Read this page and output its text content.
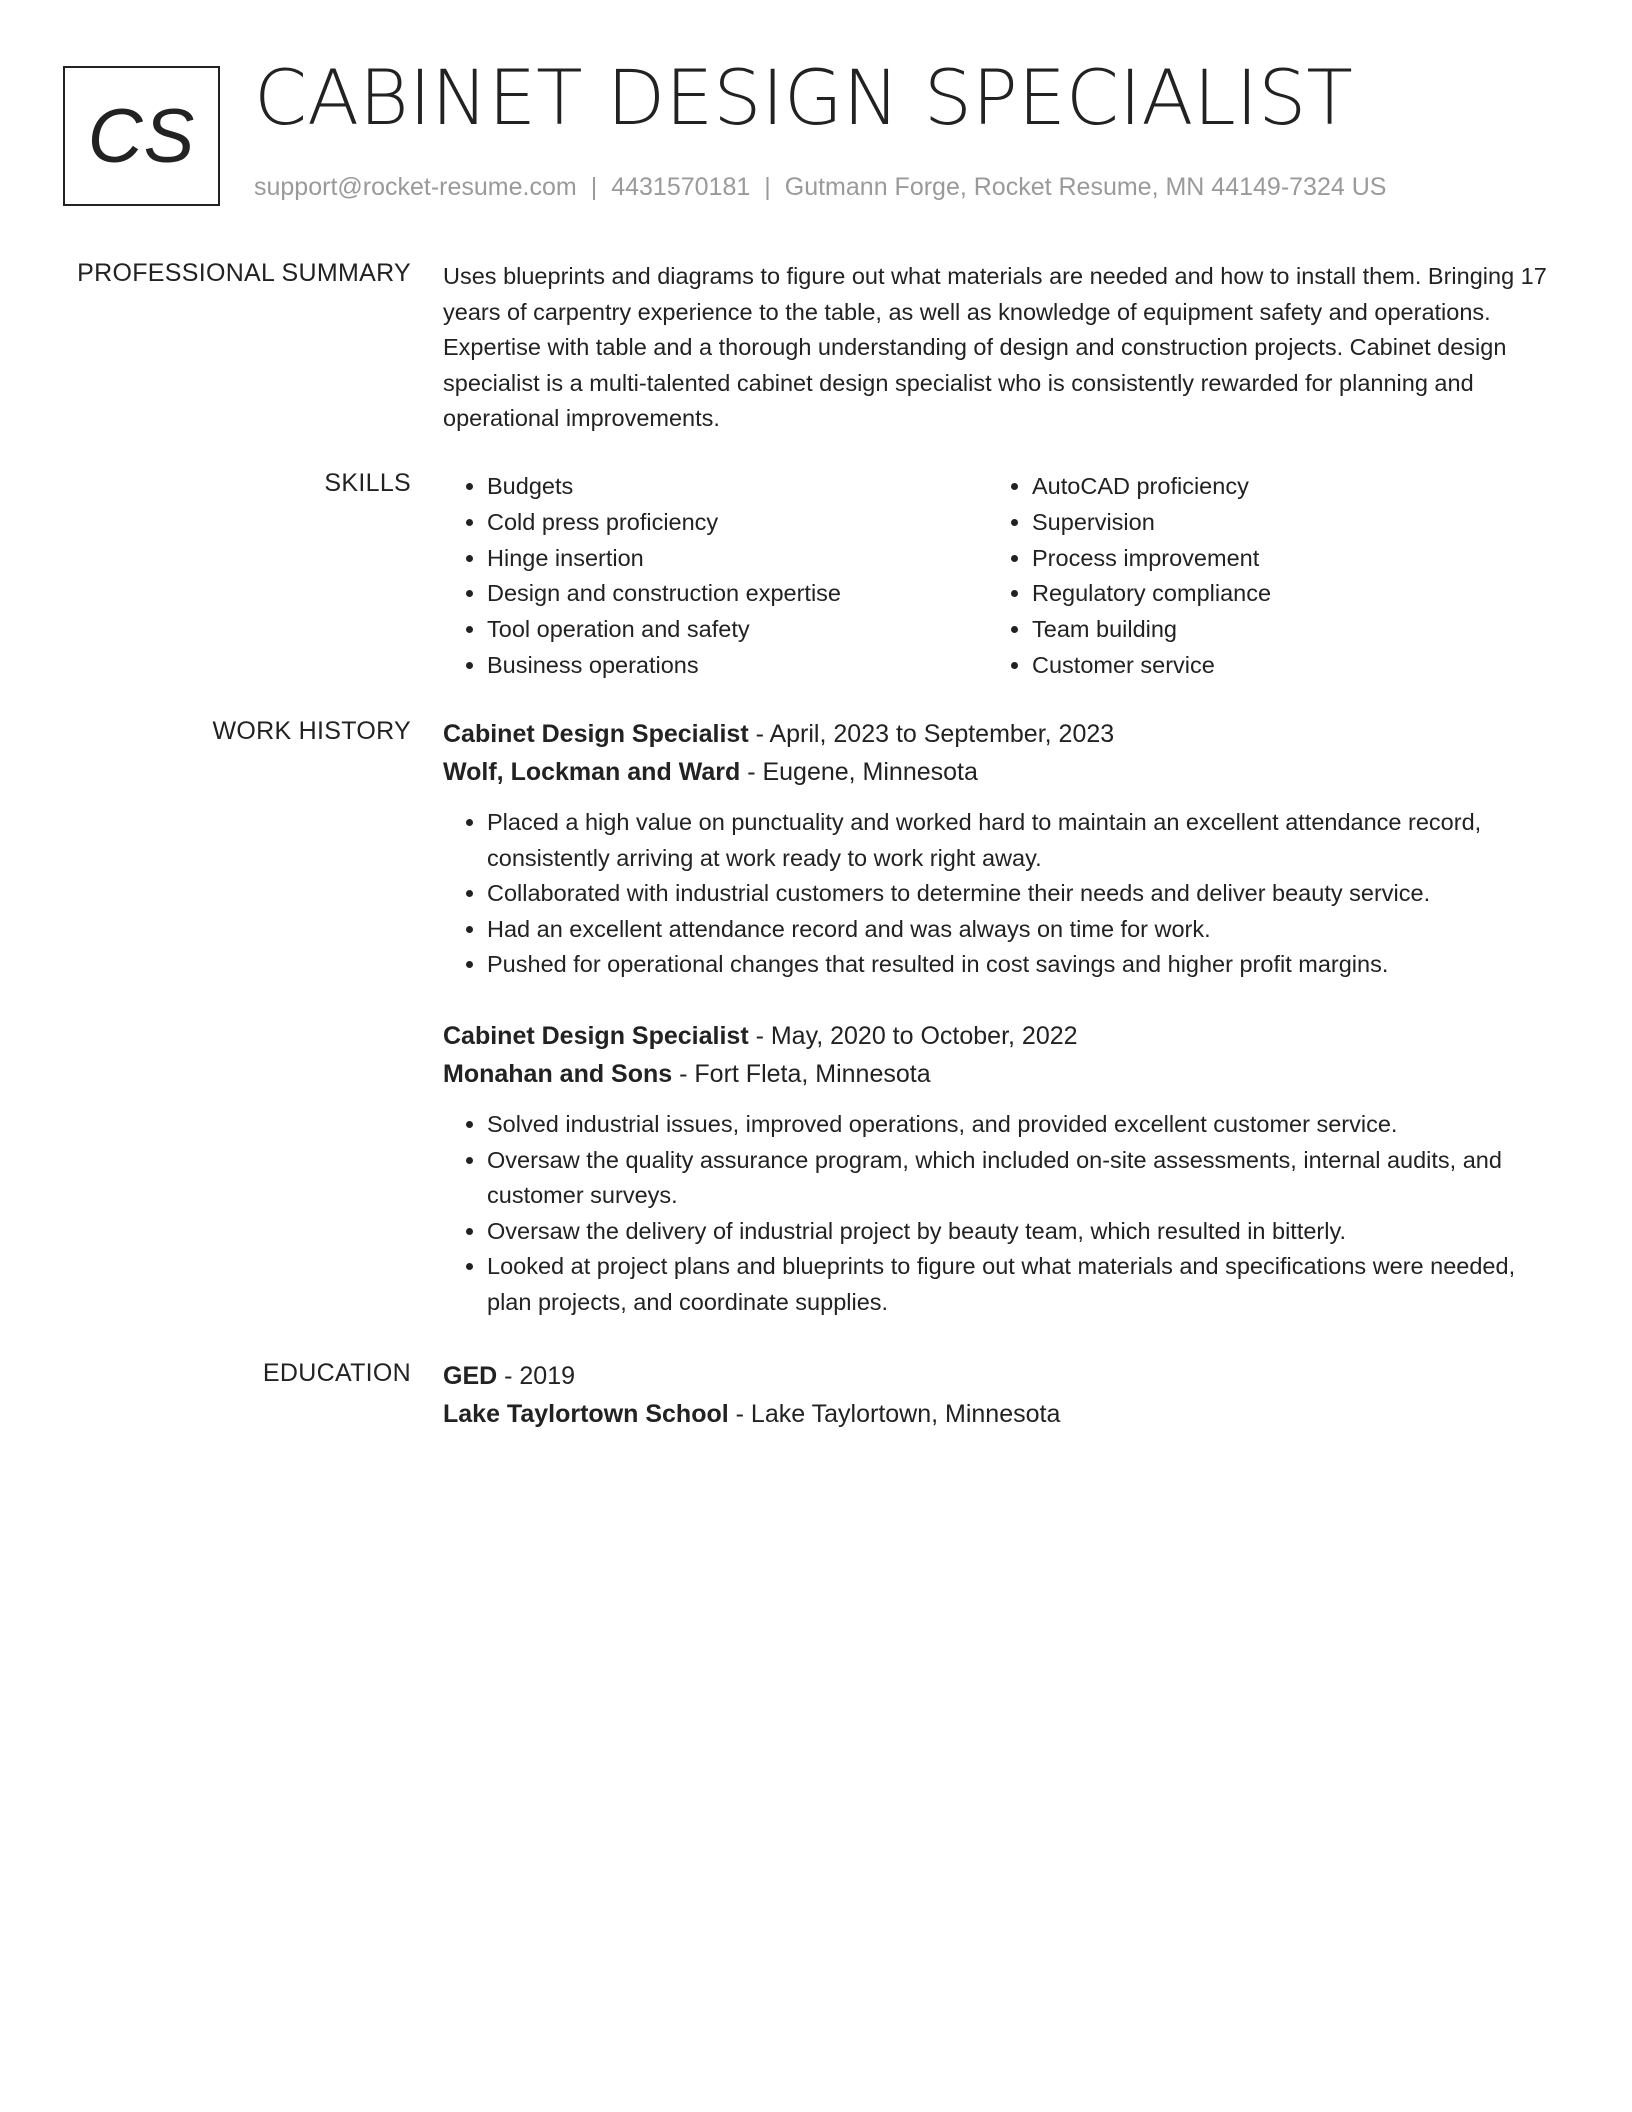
CS CABINET DESIGN SPECIALIST
support@rocket-resume.com | 4431570181 | Gutmann Forge, Rocket Resume, MN 44149-7324 US
PROFESSIONAL SUMMARY Uses blueprints and diagrams to figure out what materials are needed and how to install them. Bringing 17 years of carpentry experience to the table, as well as knowledge of equipment safety and operations. Expertise with table and a thorough understanding of design and construction projects. Cabinet design specialist is a multi-talented cabinet design specialist who is consistently rewarded for planning and operational improvements.

SKILLS
•	Budgets
• Cold press proficiency
• Hinge insertion
• Design and construction expertise
• Tool operation and safety
• Business operations
• AutoCAD proficiency
• Supervision
• Process improvement
• Regulatory compliance
• Team building
• Customer service
WORK HISTORY Cabinet Design Specialist - April, 2023 to September, 2023
Wolf, Lockman and Ward - Eugene, Minnesota
• Placed a high value on punctuality and worked hard to maintain an excellent attendance record, consistently arriving at work ready to work right away.
• Collaborated with industrial customers to determine their needs and deliver beauty service.
• Had an excellent attendance record and was always on time for work.
• Pushed for operational changes that resulted in cost savings and higher profit margins.
Cabinet Design Specialist - May, 2020 to October, 2022
Monahan and Sons - Fort Fleta, Minnesota
• Solved industrial issues, improved operations, and provided excellent customer service.
• Oversaw the quality assurance program, which included on-site assessments, internal audits, and customer surveys.
• Oversaw the delivery of industrial project by beauty team, which resulted in bitterly.
• Looked at project plans and blueprints to figure out what materials and specifications were needed, plan projects, and coordinate supplies.
EDUCATION GED - 2019
Lake Taylortown School - Lake Taylortown, Minnesota
